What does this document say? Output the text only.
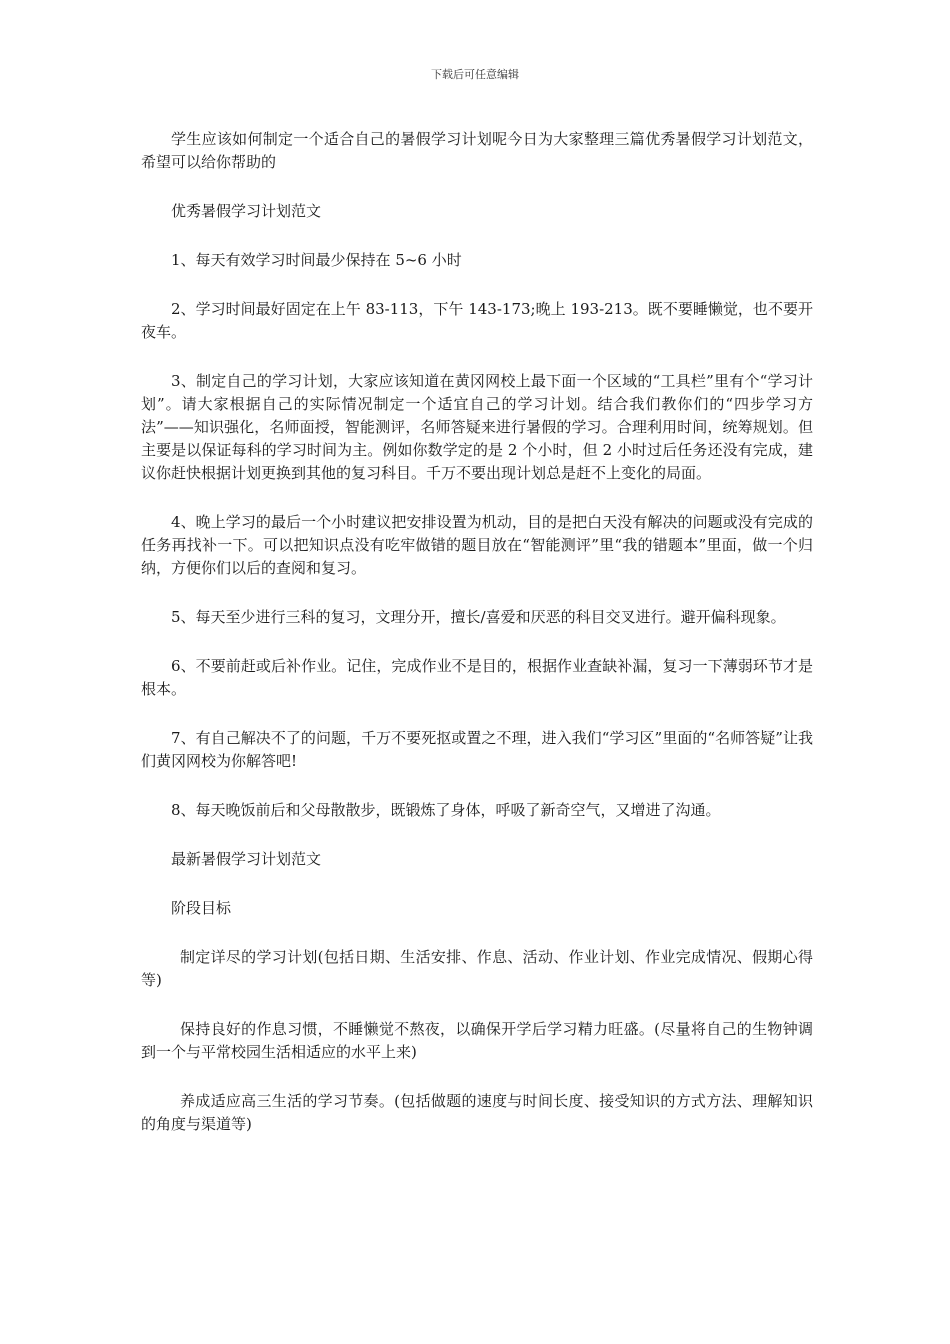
下载后可任意编辑

学生应该如何制定一个适合自己的暑假学习计划呢今日为大家整理三篇优秀暑假学习计划范文，希望可以给你帮助的

优秀暑假学习计划范文

1、每天有效学习时间最少保持在 5~6 小时

2、学习时间最好固定在上午 83-113，下午 143-173;晚上 193-213。既不要睡懒觉，也不要开夜车。

3、制定自己的学习计划，大家应该知道在黄冈网校上最下面一个区域的“工具栏”里有个“学习计划”。请大家根据自己的实际情况制定一个适宜自己的学习计划。结合我们教你们的“四步学习方法”——知识强化，名师面授，智能测评，名师答疑来进行暑假的学习。合理利用时间，统筹规划。但主要是以保证每科的学习时间为主。例如你数学定的是 2 个小时，但 2 小时过后任务还没有完成，建议你赶快根据计划更换到其他的复习科目。千万不要出现计划总是赶不上变化的局面。

4、晚上学习的最后一个小时建议把安排设置为机动，目的是把白天没有解决的问题或没有完成的任务再找补一下。可以把知识点没有吃牢做错的题目放在“智能测评”里“我的错题本”里面，做一个归纳，方便你们以后的查阅和复习。

5、每天至少进行三科的复习，文理分开，擅长/喜爱和厌恶的科目交叉进行。避开偏科现象。

6、不要前赶或后补作业。记住，完成作业不是目的，根据作业查缺补漏，复习一下薄弱环节才是根本。

7、有自己解决不了的问题，千万不要死抠或置之不理，进入我们“学习区”里面的“名师答疑”让我们黄冈网校为你解答吧!

8、每天晚饭前后和父母散散步，既锻炼了身体，呼吸了新奇空气，又增进了沟通。

最新暑假学习计划范文

阶段目标

制定详尽的学习计划(包括日期、生活安排、作息、活动、作业计划、作业完成情况、假期心得等)

保持良好的作息习惯，不睡懒觉不熬夜，以确保开学后学习精力旺盛。(尽量将自己的生物钟调到一个与平常校园生活相适应的水平上来)

养成适应高三生活的学习节奏。(包括做题的速度与时间长度、接受知识的方式方法、理解知识的角度与渠道等)
